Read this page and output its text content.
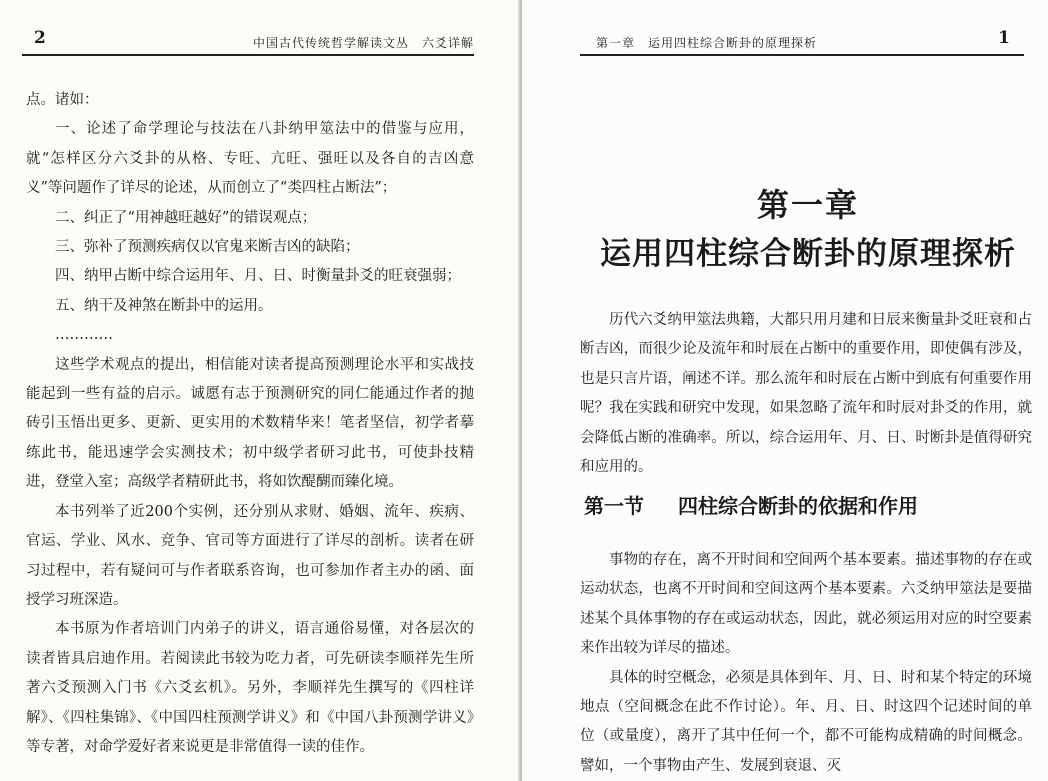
2	中国古代传统哲学解读文丛　六爻详解

点。诸如：

一、论述了命学理论与技法在八卦纳甲筮法中的借鉴与应用，就“怎样区分六爻卦的从格、专旺、亢旺、强旺以及各自的吉凶意义”等问题作了详尽的论述，从而创立了“类四柱占断法”；

二、纠正了“用神越旺越好”的错误观点；

三、弥补了预测疾病仅以官鬼来断吉凶的缺陷；

四、纳甲占断中综合运用年、月、日、时衡量卦爻的旺衰强弱；

五、纳干及神煞在断卦中的运用。

…………

这些学术观点的提出，相信能对读者提高预测理论水平和实战技能起到一些有益的启示。诚愿有志于预测研究的同仁能通过作者的抛砖引玉悟出更多、更新、更实用的术数精华来！笔者坚信，初学者摹练此书，能迅速学会实测技术；初中级学者研习此书，可使卦技精进，登堂入室；高级学者精研此书，将如饮醍醐而臻化境。

本书列举了近200个实例，还分别从求财、婚姻、流年、疾病、官运、学业、风水、竞争、官司等方面进行了详尽的剖析。读者在研习过程中，若有疑问可与作者联系咨询，也可参加作者主办的函、面授学习班深造。

本书原为作者培训门内弟子的讲义，语言通俗易懂，对各层次的读者皆具启迪作用。若阅读此书较为吃力者，可先研读李顺祥先生所著六爻预测入门书《六爻玄机》。另外，李顺祥先生撰写的《四柱详解》、《四柱集锦》、《中国四柱预测学讲义》和《中国八卦预测学讲义》等专著，对命学爱好者来说更是非常值得一读的佳作。

第一章　运用四柱综合断卦的原理探析	1
第一章
运用四柱综合断卦的原理探析

历代六爻纳甲筮法典籍，大都只用月建和日辰来衡量卦爻旺衰和占断吉凶，而很少论及流年和时辰在占断中的重要作用，即使偶有涉及，也是只言片语，阐述不详。那么流年和时辰在占断中到底有何重要作用呢？我在实践和研究中发现，如果忽略了流年和时辰对卦爻的作用，就会降低占断的准确率。所以，综合运用年、月、日、时断卦是值得研究和应用的。

第一节 四柱综合断卦的依据和作用

事物的存在，离不开时间和空间两个基本要素。描述事物的存在或运动状态，也离不开时间和空间这两个基本要素。六爻纳甲筮法是要描述某个具体事物的存在或运动状态，因此，就必须运用对应的时空要素来作出较为详尽的描述。

具体的时空概念，必须是具体到年、月、日、时和某个特定的环境地点（空间概念在此不作讨论）。年、月、日、时这四个记述时间的单位（或量度），离开了其中任何一个，都不可能构成精确的时间概念。譬如，一个事物由产生、发展到衰退、灭
